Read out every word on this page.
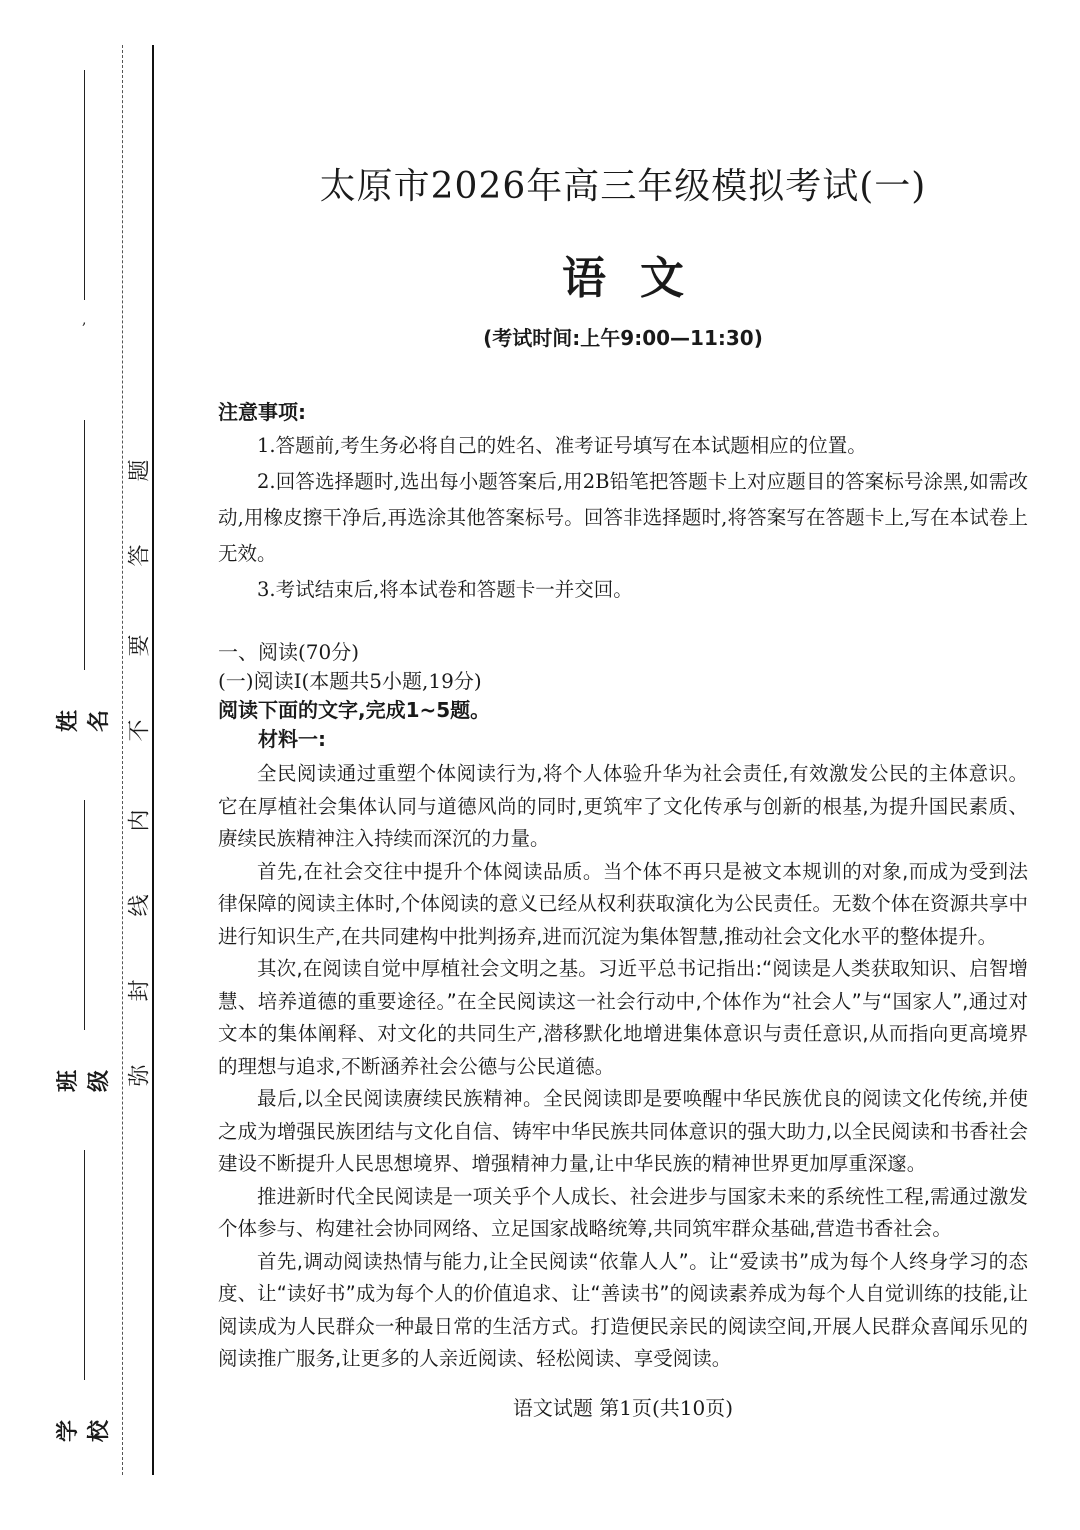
,
姓 名
班 级
学 校
题
答
要
不
内
线
封
弥
太原市2026年高三年级模拟考试(一)
语文
(考试时间:上午9:00—11:30)
注意事项:

1.答题前,考生务必将自己的姓名、准考证号填写在本试题相应的位置。

2.回答选择题时,选出每小题答案后,用2B铅笔把答题卡上对应题目的答案标号涂黑,如需改动,用橡皮擦干净后,再选涂其他答案标号。回答非选择题时,将答案写在答题卡上,写在本试卷上无效。

3.考试结束后,将本试卷和答题卡一并交回。

一、阅读(70分)

(一)阅读Ⅰ(本题共5小题,19分)

阅读下面的文字,完成1~5题。

材料一:

全民阅读通过重塑个体阅读行为,将个人体验升华为社会责任,有效激发公民的主体意识。它在厚植社会集体认同与道德风尚的同时,更筑牢了文化传承与创新的根基,为提升国民素质、赓续民族精神注入持续而深沉的力量。

首先,在社会交往中提升个体阅读品质。当个体不再只是被文本规训的对象,而成为受到法律保障的阅读主体时,个体阅读的意义已经从权利获取演化为公民责任。无数个体在资源共享中进行知识生产,在共同建构中批判扬弃,进而沉淀为集体智慧,推动社会文化水平的整体提升。

其次,在阅读自觉中厚植社会文明之基。习近平总书记指出:“阅读是人类获取知识、启智增慧、培养道德的重要途径。”在全民阅读这一社会行动中,个体作为“社会人”与“国家人”,通过对文本的集体阐释、对文化的共同生产,潜移默化地增进集体意识与责任意识,从而指向更高境界的理想与追求,不断涵养社会公德与公民道德。

最后,以全民阅读赓续民族精神。全民阅读即是要唤醒中华民族优良的阅读文化传统,并使之成为增强民族团结与文化自信、铸牢中华民族共同体意识的强大助力,以全民阅读和书香社会建设不断提升人民思想境界、增强精神力量,让中华民族的精神世界更加厚重深邃。

推进新时代全民阅读是一项关乎个人成长、社会进步与国家未来的系统性工程,需通过激发个体参与、构建社会协同网络、立足国家战略统筹,共同筑牢群众基础,营造书香社会。

首先,调动阅读热情与能力,让全民阅读“依靠人人”。让“爱读书”成为每个人终身学习的态度、让“读好书”成为每个人的价值追求、让“善读书”的阅读素养成为每个人自觉训练的技能,让阅读成为人民群众一种最日常的生活方式。打造便民亲民的阅读空间,开展人民群众喜闻乐见的阅读推广服务,让更多的人亲近阅读、轻松阅读、享受阅读。

语文试题 第1页(共10页)
